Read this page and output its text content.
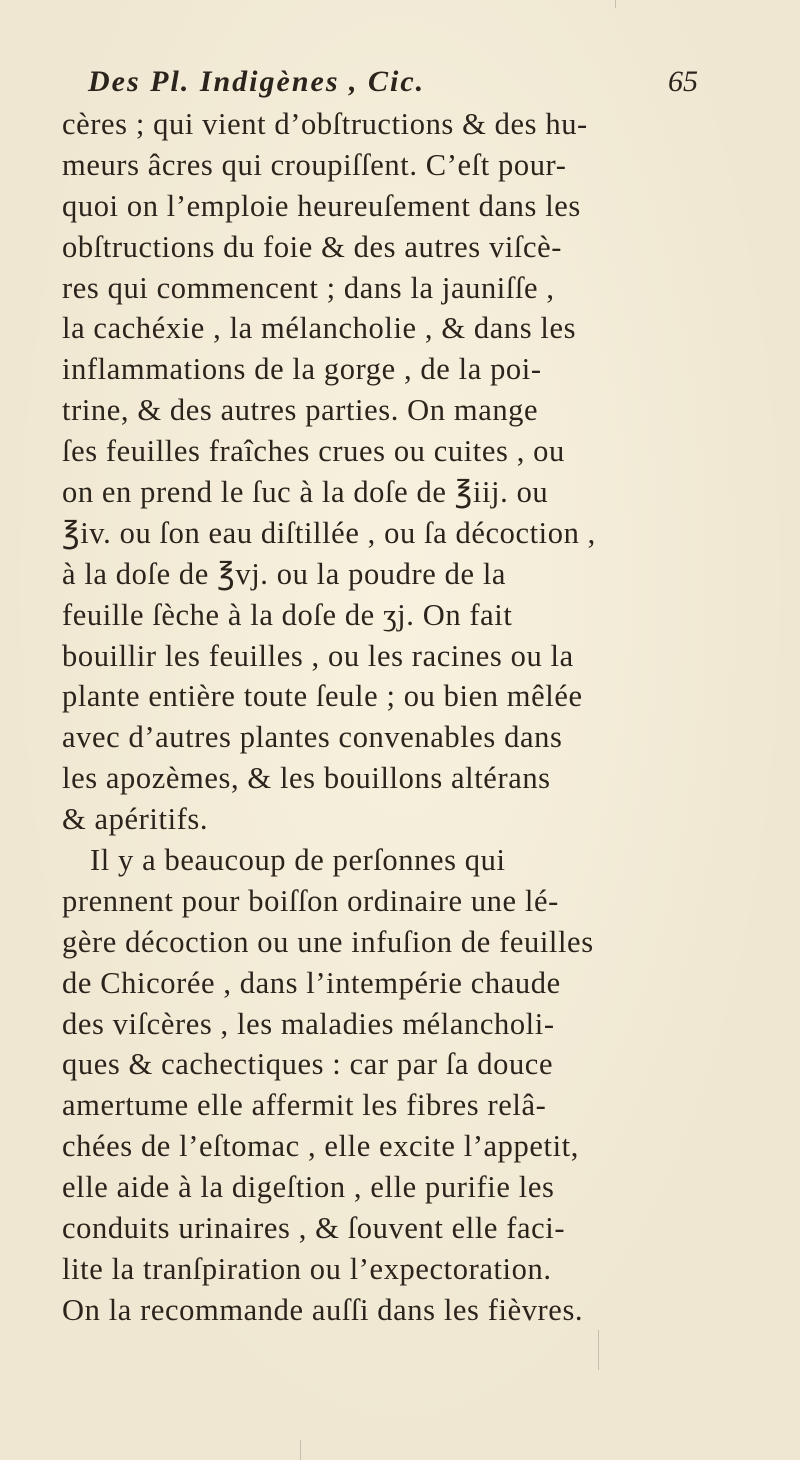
Des Pl. Indigènes , Cic.	65
cères ; qui vient d’obſtructions & des hu-
meurs âcres qui croupiſſent. C’eſt pour-
quoi on l’emploie heureuſement dans les
obſtructions du foie & des autres viſcè-
res qui commencent ; dans la jauniſſe ,
la cachéxie , la mélancholie , & dans les
inflammations de la gorge , de la poi-
trine, & des autres parties. On mange
ſes feuilles fraîches crues ou cuites , ou
on en prend le ſuc à la doſe de ℥iij. ou
℥iv. ou ſon eau diſtillée , ou ſa décoction ,
à la doſe de ℥vj. ou la poudre de la
feuille ſèche à la doſe de ʒj. On fait
bouillir les feuilles , ou les racines ou la
plante entière toute ſeule ; ou bien mêlée
avec d’autres plantes convenables dans
les apozèmes, & les bouillons altérans
& apéritifs.
Il y a beaucoup de perſonnes qui
prennent pour boiſſon ordinaire une lé-
gère décoction ou une infuſion de feuilles
de Chicorée , dans l’intempérie chaude
des viſcères , les maladies mélancholi-
ques & cachectiques : car par ſa douce
amertume elle affermit les fibres relâ-
chées de l’eſtomac , elle excite l’appetit,
elle aide à la digeſtion , elle purifie les
conduits urinaires , & ſouvent elle faci-
lite la tranſpiration ou l’expectoration.
On la recommande auſſi dans les fièvres.
